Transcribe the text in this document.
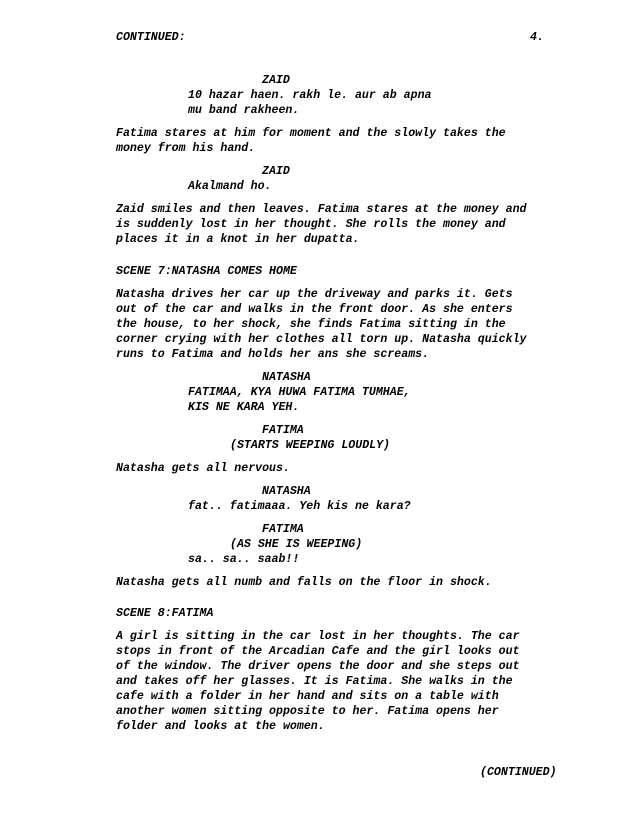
CONTINUED:	4.
ZAID
10 hazar haen. rakh le. aur ab apna
mu band rakheen.
Fatima stares at him for moment and the slowly takes the
money from his hand.
ZAID
Akalmand ho.
Zaid smiles and then leaves. Fatima stares at the money and
is suddenly lost in her thought. She rolls the money and
places it in a knot in her dupatta.
SCENE 7:NATASHA COMES HOME
Natasha drives her car up the driveway and parks it. Gets
out of the car and walks in the front door. As she enters
the house, to her shock, she finds Fatima sitting in the
corner crying with her clothes all torn up. Natasha quickly
runs to Fatima and holds her ans she screams.
NATASHA
FATIMAA, KYA HUWA FATIMA TUMHAE,
KIS NE KARA YEH.
FATIMA
(STARTS WEEPING LOUDLY)
Natasha gets all nervous.
NATASHA
fat.. fatimaaa. Yeh kis ne kara?
FATIMA
(AS SHE IS WEEPING)
sa.. sa.. saab!!
Natasha gets all numb and falls on the floor in shock.
SCENE 8:FATIMA
A girl is sitting in the car lost in her thoughts. The car
stops in front of the Arcadian Cafe and the girl looks out
of the window. The driver opens the door and she steps out
and takes off her glasses. It is Fatima. She walks in the
cafe with a folder in her hand and sits on a table with
another women sitting opposite to her. Fatima opens her
folder and looks at the women.
(CONTINUED)
